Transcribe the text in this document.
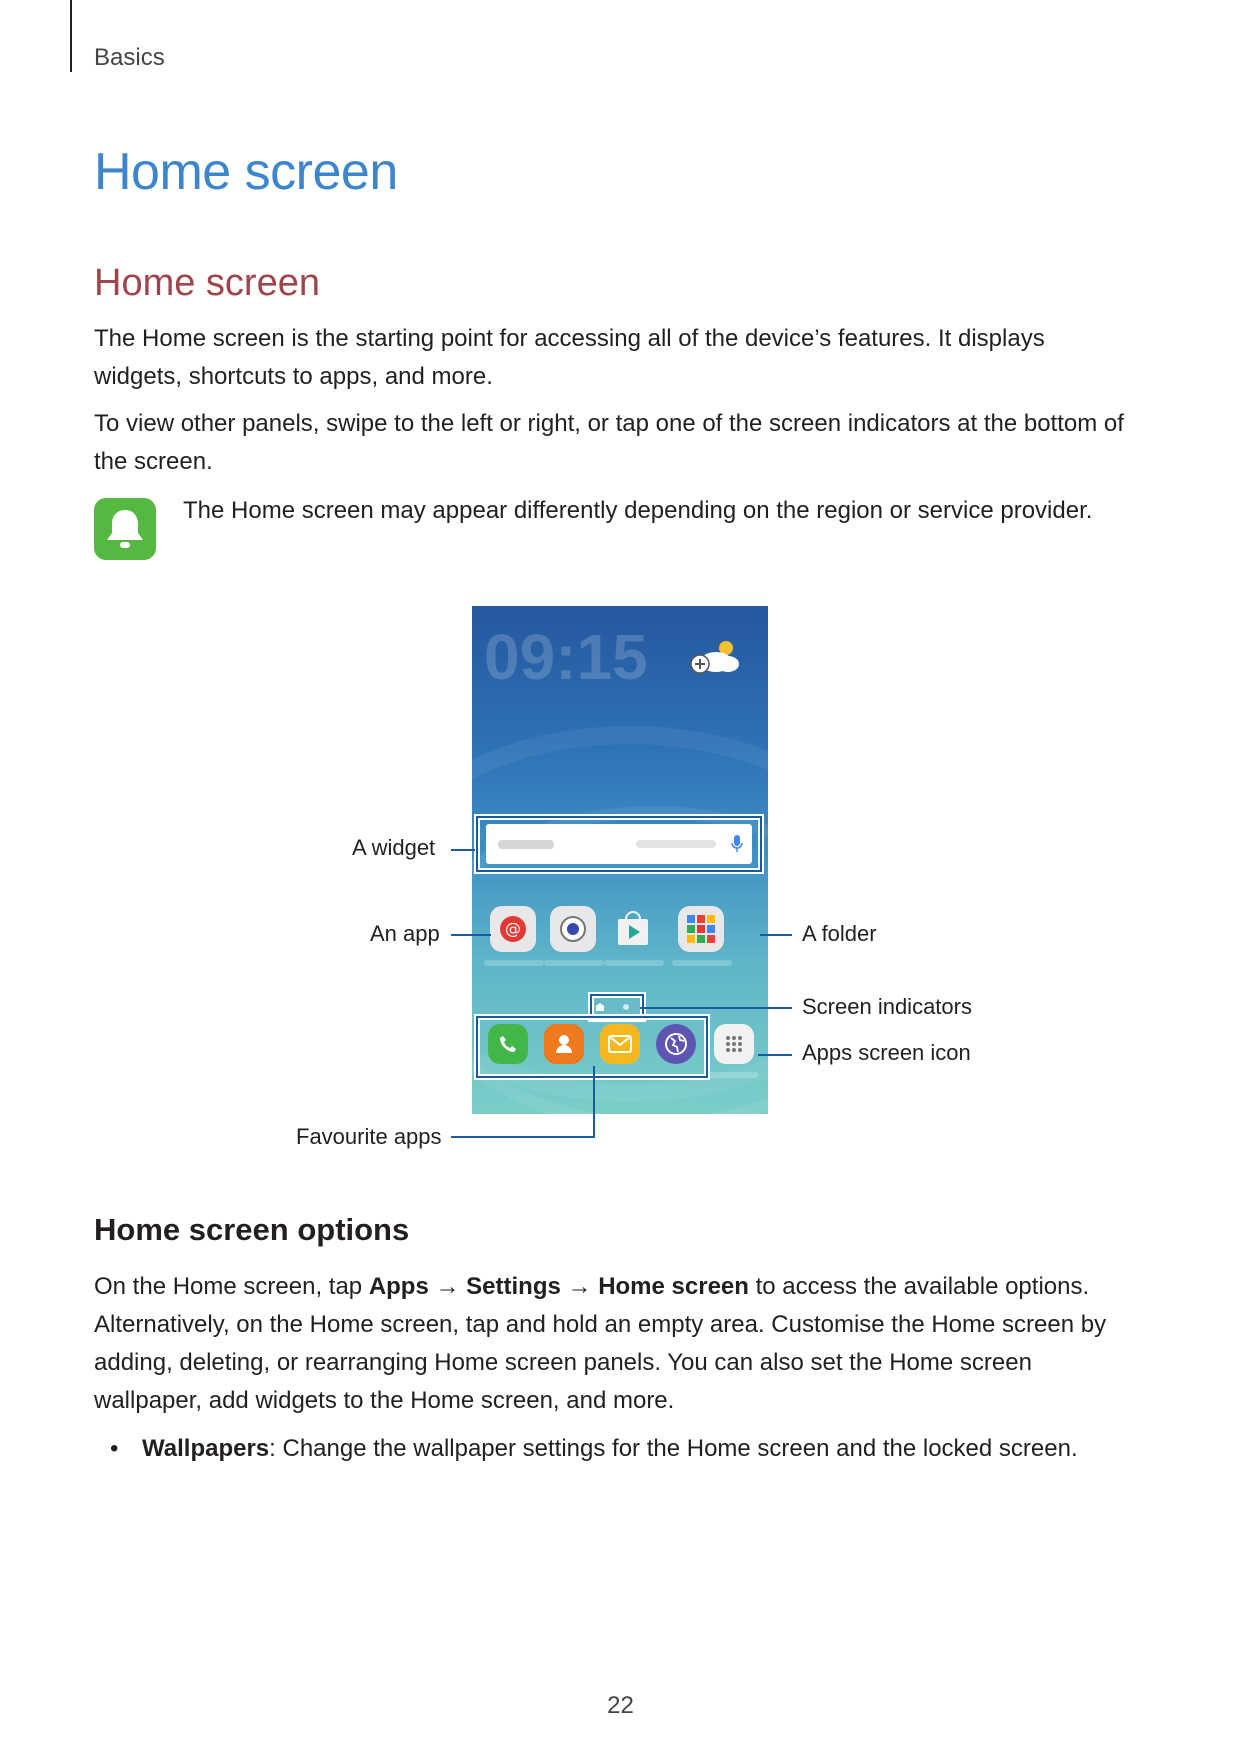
Basics
Home screen
Home screen

The Home screen is the starting point for accessing all of the device’s features. It displays widgets, shortcuts to apps, and more.

To view other panels, swipe to the left or right, or tap one of the screen indicators at the bottom of the screen.

The Home screen may appear differently depending on the region or service provider.

09:15
@
A widget
An app	A folder
Screen indicators
Apps screen icon
Favourite apps
Home screen options

On the Home screen, tap Apps → Settings → Home screen to access the available options. Alternatively, on the Home screen, tap and hold an empty area. Customise the Home screen by adding, deleting, or rearranging Home screen panels. You can also set the Home screen wallpaper, add widgets to the Home screen, and more.

• Wallpapers: Change the wallpaper settings for the Home screen and the locked screen.

22
